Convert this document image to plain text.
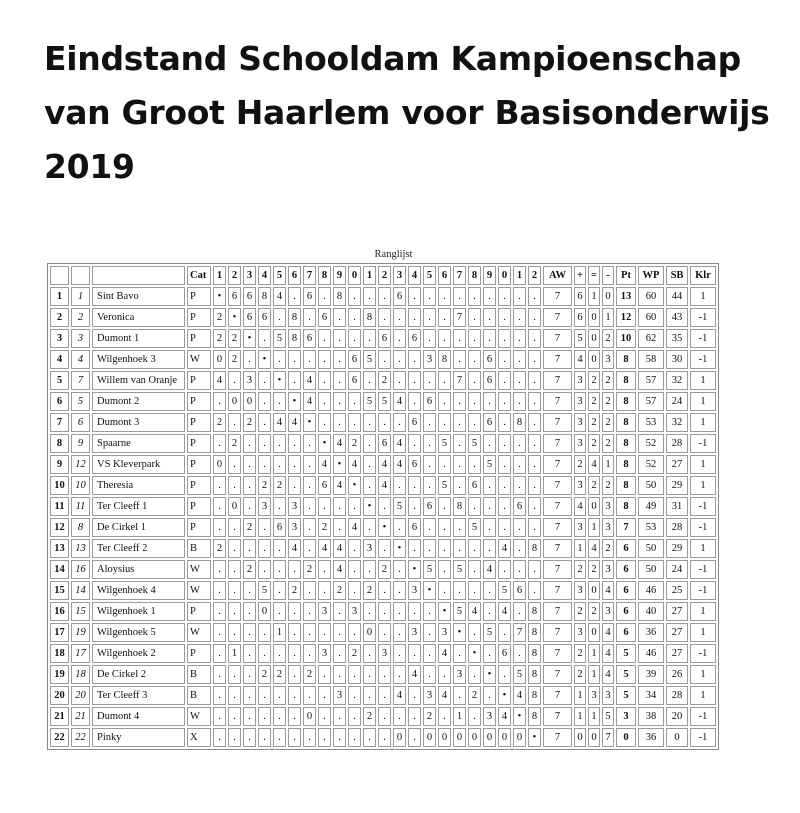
Eindstand Schooldam Kampioenschap van Groot Haarlem voor Basisonderwijs 2019
Ranglijst
			Cat	1	2	3	4	5	6	7	8	9	0	1	2	3	4	5	6	7	8	9	0	1	2	AW	+	=	-	Pt	WP	SB	Klr
1	1	Sint Bavo	P	•	6	6	8	4	.	6	.	8	.	.	.	6	.	.	.	.	.	.	.	.	.	7	6	1	0	13	60	44	1
2	2	Veronica	P	2	•	6	6	.	8	.	6	.	.	8	.	.	.	.	.	7	.	.	.	.	.	7	6	0	1	12	60	43	-1
3	3	Dumont 1	P	2	2	•	.	5	8	6	.	.	.	.	6	.	6	.	.	.	.	.	.	.	.	7	5	0	2	10	62	35	-1
4	4	Wilgenhoek 3	W	0	2	.	•	.	.	.	.	.	6	5	.	.	.	3	8	.	.	6	.	.	.	7	4	0	3	8	58	30	-1
5	7	Willem van Oranje	P	4	.	3	.	•	.	4	.	.	6	.	2	.	.	.	.	7	.	6	.	.	.	7	3	2	2	8	57	32	1
6	5	Dumont 2	P	.	0	0	.	.	•	4	.	.	.	5	5	4	.	6	.	.	.	.	.	.	.	7	3	2	2	8	57	24	1
7	6	Dumont 3	P	2	.	2	.	4	4	•	.	.	.	.	.	.	6	.	.	.	.	6	.	8	.	7	3	2	2	8	53	32	1
8	9	Spaarne	P	.	2	.	.	.	.	.	•	4	2	.	6	4	.	.	5	.	5	.	.	.	.	7	3	2	2	8	52	28	-1
9	12	VS Kleverpark	P	0	.	.	.	.	.	.	4	•	4	.	4	4	6	.	.	.	.	5	.	.	.	7	2	4	1	8	52	27	1
10	10	Theresia	P	.	.	.	2	2	.	.	6	4	•	.	4	.	.	.	5	.	6	.	.	.	.	7	3	2	2	8	50	29	1
11	11	Ter Cleeff 1	P	.	0	.	3	.	3	.	.	.	.	•	.	5	.	6	.	8	.	.	.	6	.	7	4	0	3	8	49	31	-1
12	8	De Cirkel 1	P	.	.	2	.	6	3	.	2	.	4	.	•	.	6	.	.	.	5	.	.	.	.	7	3	1	3	7	53	28	-1
13	13	Ter Cleeff 2	B	2	.	.	.	.	4	.	4	4	.	3	.	•	.	.	.	.	.	.	4	.	8	7	1	4	2	6	50	29	1
14	16	Aloysius	W	.	.	2	.	.	.	2	.	4	.	.	2	.	•	5	.	5	.	4	.	.	.	7	2	2	3	6	50	24	-1
15	14	Wilgenhoek 4	W	.	.	.	5	.	2	.	.	2	.	2	.	.	3	•	.	.	.	.	5	6	.	7	3	0	4	6	46	25	-1
16	15	Wilgenhoek 1	P	.	.	.	0	.	.	.	3	.	3	.	.	.	.	.	•	5	4	.	4	.	8	7	2	2	3	6	40	27	1
17	19	Wilgenhoek 5	W	.	.	.	.	1	.	.	.	.	.	0	.	.	3	.	3	•	.	5	.	7	8	7	3	0	4	6	36	27	1
18	17	Wilgenhoek 2	P	.	1	.	.	.	.	.	3	.	2	.	3	.	.	.	4	.	•	.	6	.	8	7	2	1	4	5	46	27	-1
19	18	De Cirkel 2	B	.	.	.	2	2	.	2	.	.	.	.	.	.	4	.	.	3	.	•	.	5	8	7	2	1	4	5	39	26	1
20	20	Ter Cleeff 3	B	.	.	.	.	.	.	.	.	3	.	.	.	4	.	3	4	.	2	.	•	4	8	7	1	3	3	5	34	28	1
21	21	Dumont 4	W	.	.	.	.	.	.	0	.	.	.	2	.	.	.	2	.	1	.	3	4	•	8	7	1	1	5	3	38	20	-1
22	22	Pinky	X	.	.	.	.	.	.	.	.	.	.	.	.	0	.	0	0	0	0	0	0	0	•	7	0	0	7	0	36	0	-1
